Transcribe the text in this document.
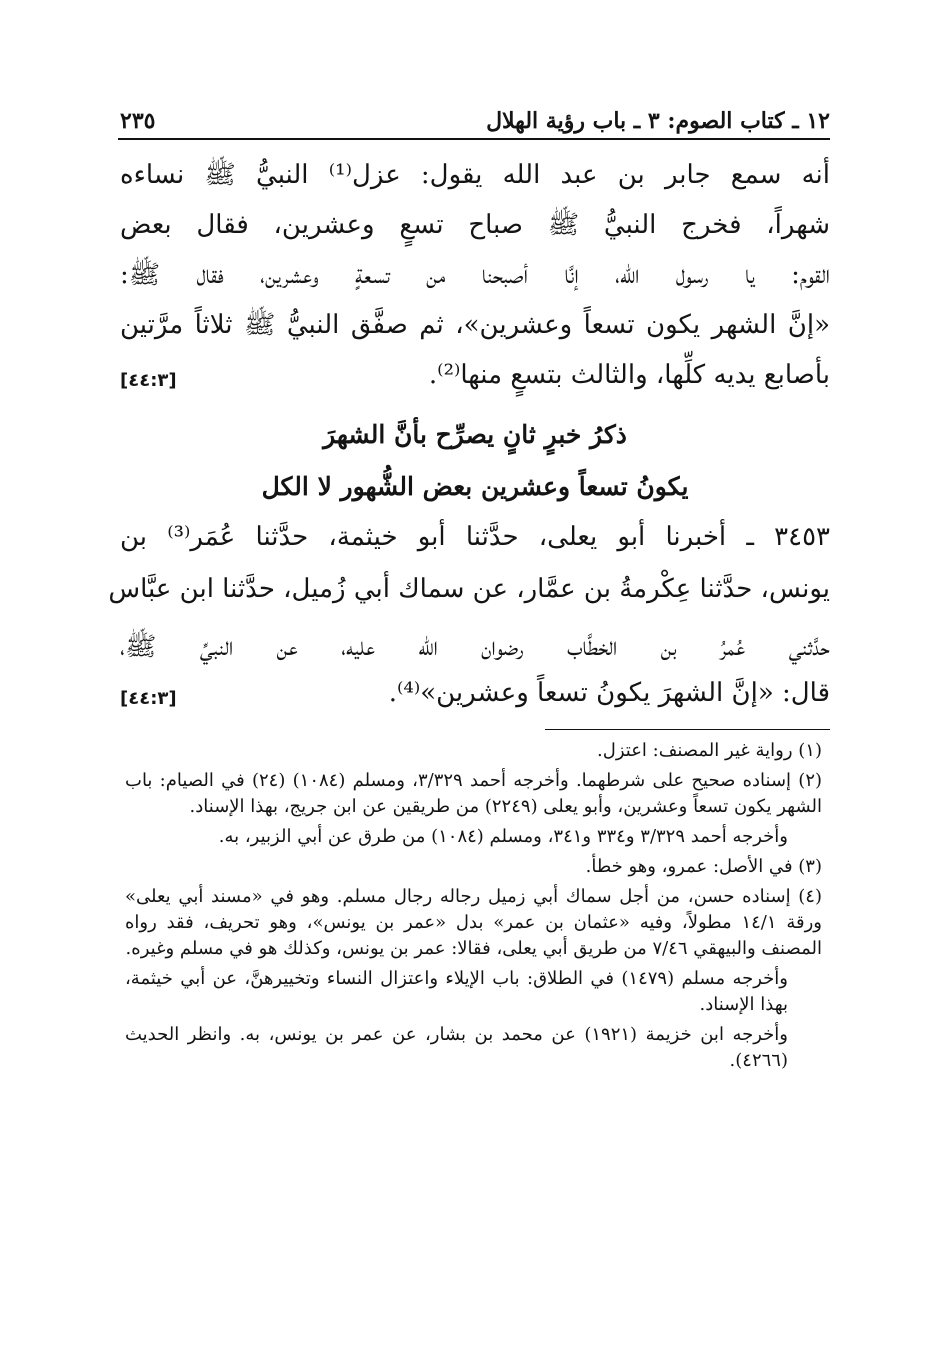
١٢ ـ كتاب الصوم: ٣ ـ باب رؤية الهلال
٢٣٥
أنه سمع جابر بن عبد الله يقول: عزل⁽¹⁾ النبيُّ ﷺ نساءه
شهراً، فخرج النبيُّ ﷺ صباح تسعٍ وعشرين، فقال بعض
القوم: يا رسول الله، إنَّا أصبحنا من تسعةٍ وعشرين، فقال ﷺ:
«إنَّ الشهر يكون تسعاً وعشرين»، ثم صفَّق النبيُّ ﷺ ثلاثاً مرَّتين
بأصابع يديه كلِّها، والثالث بتسعٍ منها⁽²⁾.
[٤٤:٣]
ذكرُ خبرٍ ثانٍ يصرِّح بأنَّ الشهرَ
يكونُ تسعاً وعشرين بعض الشُّهور لا الكل
٣٤٥٣ ـ أخبرنا أبو يعلى، حدَّثنا أبو خيثمة، حدَّثنا عُمَر⁽³⁾ بن
يونس، حدَّثنا عِكْرمةُ بن عمَّار، عن سماك أبي زُميل، حدَّثنا ابن عبَّاس
حدَّثني عُمرُ بن الخطَّاب رضوان الله عليه، عن النبيِّ ﷺ،
قال: «إنَّ الشهرَ يكونُ تسعاً وعشرين»⁽⁴⁾.
[٤٤:٣]
(١) رواية غير المصنف: اعتزل.
(٢) إسناده صحيح على شرطهما. وأخرجه أحمد ٣/٣٢٩، ومسلم (١٠٨٤) (٢٤) في الصيام: باب الشهر يكون تسعاً وعشرين، وأبو يعلى (٢٢٤٩) من طريقين عن ابن جريج، بهذا الإسناد.
وأخرجه أحمد ٣/٣٢٩ و٣٣٤ و٣٤١، ومسلم (١٠٨٤) من طرق عن أبي الزبير، به.
(٣) في الأصل: عمرو، وهو خطأ.
(٤) إسناده حسن، من أجل سماك أبي زميل رجاله رجال مسلم. وهو في «مسند أبي يعلى» ورقة ١٤/١ مطولاً، وفيه «عثمان بن عمر» بدل «عمر بن يونس»، وهو تحريف، فقد رواه المصنف والبيهقي ٧/٤٦ من طريق أبي يعلى، فقالا: عمر بن يونس، وكذلك هو في مسلم وغيره.
وأخرجه مسلم (١٤٧٩) في الطلاق: باب الإيلاء واعتزال النساء وتخييرهنَّ، عن أبي خيثمة، بهذا الإسناد.
وأخرجه ابن خزيمة (١٩٢١) عن محمد بن بشار، عن عمر بن يونس، به. وانظر الحديث (٤٢٦٦).
